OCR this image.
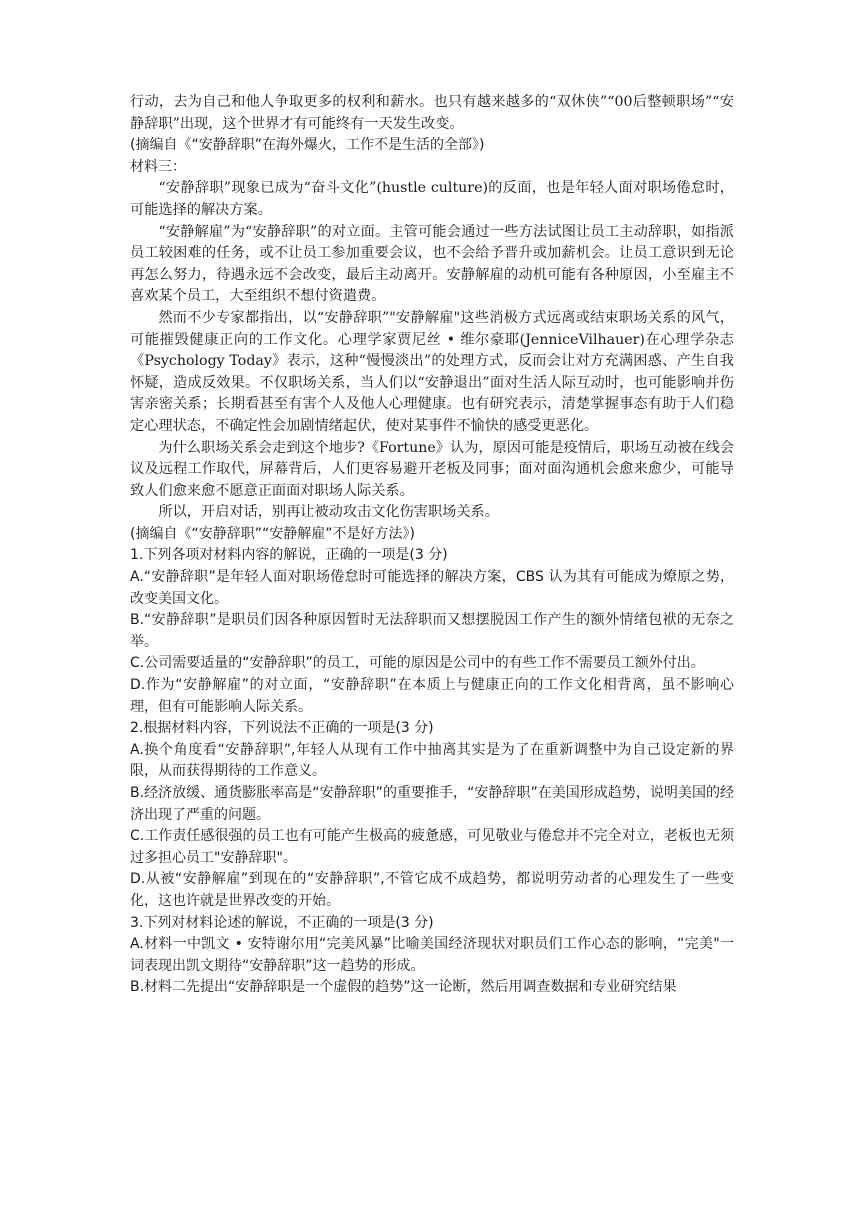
行动，去为自己和他人争取更多的权利和薪水。也只有越来越多的“双休侠”“00后整顿职场”“安静辞职”出现，这个世界才有可能终有一天发生改变。

(摘编自《“安静辞职”在海外爆火，工作不是生活的全部》)

材料三：

“安静辞职”现象已成为“奋斗文化”(hustle culture)的反面，也是年轻人面对职场倦怠时，可能选择的解决方案。

“安静解雇”为“安静辞职”的对立面。主管可能会通过一些方法试图让员工主动辞职，如指派员工较困难的任务，或不让员工参加重要会议，也不会给予晋升或加薪机会。让员工意识到无论再怎么努力，待遇永远不会改变，最后主动离开。安静解雇的动机可能有各种原因，小至雇主不喜欢某个员工，大至组织不想付资遣费。

然而不少专家都指出，以“安静辞职”"安静解雇"这些消极方式远离或结束职场关系的风气，可能摧毁健康正向的工作文化。心理学家贾尼丝 • 维尔豪耶(JenniceVilhauer)在心理学杂志《Psychology Today》表示，这种“慢慢淡出”的处理方式，反而会让对方充满困惑、产生自我怀疑，造成反效果。不仅职场关系，当人们以“安静退出”面对生活人际互动时，也可能影响并伤害亲密关系；长期看甚至有害个人及他人心理健康。也有研究表示，清楚掌握事态有助于人们稳定心理状态，不确定性会加剧情绪起伏，使对某事件不愉快的感受更恶化。

为什么职场关系会走到这个地步?《Fortune》认为，原因可能是疫情后，职场互动被在线会议及远程工作取代，屏幕背后，人们更容易避开老板及同事；面对面沟通机会愈来愈少，可能导致人们愈来愈不愿意正面面对职场人际关系。

所以，开启对话，别再让被动攻击文化伤害职场关系。

(摘编自《“安静辞职”“安静解雇”不是好方法》)

1.下列各项对材料内容的解说，正确的一项是(3 分)

A.“安静辞职”是年轻人面对职场倦怠时可能选择的解决方案，CBS 认为其有可能成为燎原之势，改变美国文化。

B.“安静辞职”是职员们因各种原因暂时无法辞职而又想摆脱因工作产生的额外情绪包袱的无奈之举。

C.公司需要适量的“安静辞职”的员工，可能的原因是公司中的有些工作不需要员工额外付出。

D.作为“安静解雇”的对立面，“安静辞职”在本质上与健康正向的工作文化相背离，虽不影响心理，但有可能影响人际关系。

2.根据材料内容，下列说法不正确的一项是(3 分)

A.换个角度看“安静辞职”,年轻人从现有工作中抽离其实是为了在重新调整中为自己设定新的界限，从而获得期待的工作意义。

B.经济放缓、通货膨胀率高是“安静辞职”的重要推手，“安静辞职”在美国形成趋势，说明美国的经济出现了严重的问题。

C.工作责任感很强的员工也有可能产生极高的疲惫感，可见敬业与倦怠并不完全对立，老板也无须过多担心员工"安静辞职"。

D.从被“安静解雇”到现在的“安静辞职”,不管它成不成趋势，都说明劳动者的心理发生了一些变化，这也许就是世界改变的开始。

3.下列对材料论述的解说，不正确的一项是(3 分)

A.材料一中凯文 • 安特谢尔用“完美风暴”比喻美国经济现状对职员们工作心态的影响，“完美"一词表现出凯文期待“安静辞职”这一趋势的形成。

B.材料二先提出“安静辞职是一个虚假的趋势”这一论断，然后用调查数据和专业研究结果
